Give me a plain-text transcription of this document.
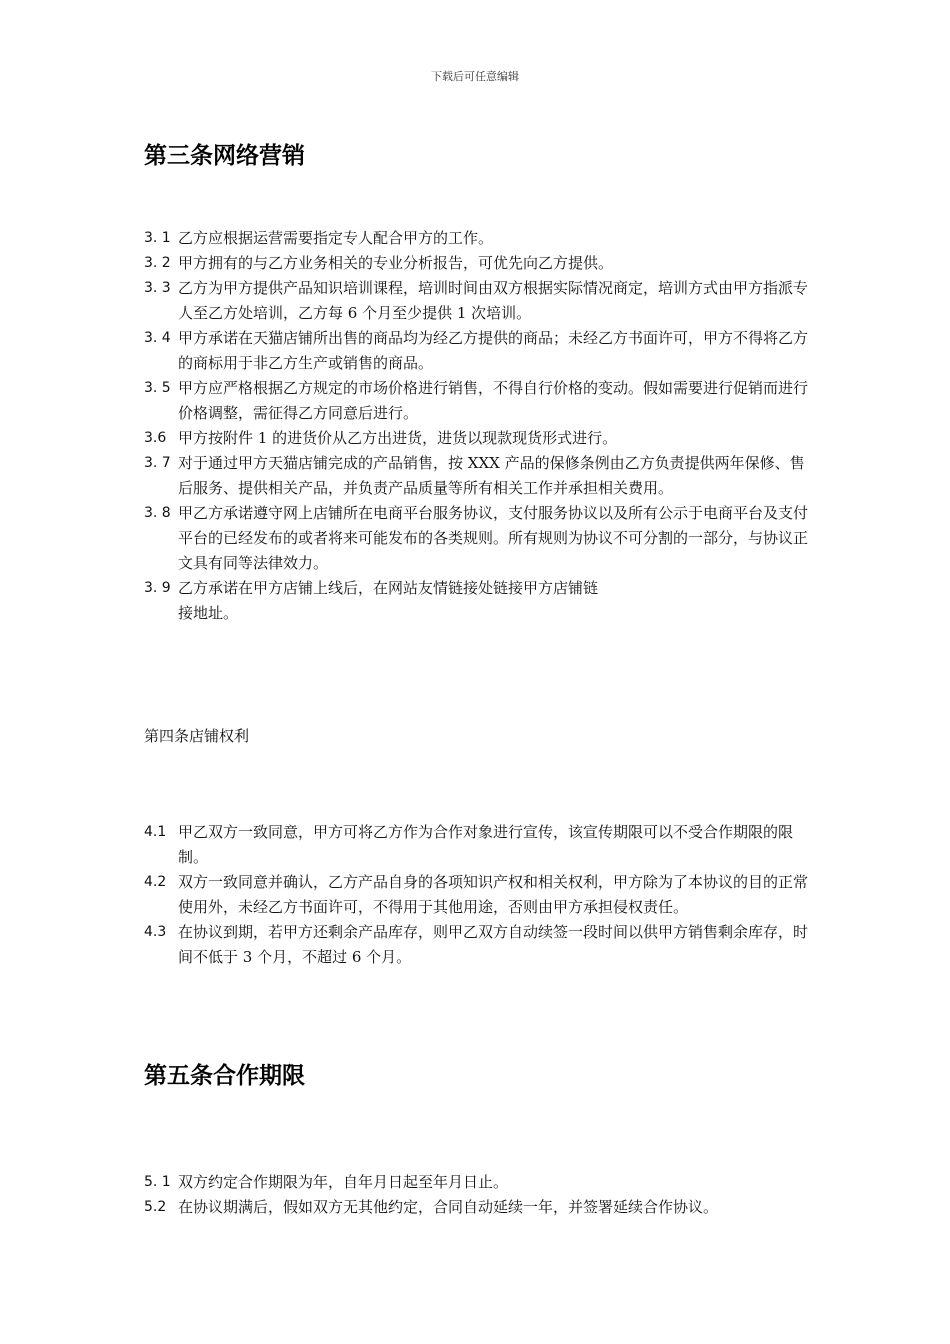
下载后可任意编辑
第三条网络营销

3. 1 乙方应根据运营需要指定专人配合甲方的工作。

3. 2 甲方拥有的与乙方业务相关的专业分析报告，可优先向乙方提供。

3. 3 乙方为甲方提供产品知识培训课程，培训时间由双方根据实际情况商定，培训方式由甲方指派专人至乙方处培训，乙方每 6 个月至少提供 1 次培训。

3. 4 甲方承诺在天猫店铺所出售的商品均为经乙方提供的商品；未经乙方书面许可，甲方不得将乙方的商标用于非乙方生产或销售的商品。

3. 5 甲方应严格根据乙方规定的市场价格进行销售，不得自行价格的变动。假如需要进行促销而进行价格调整，需征得乙方同意后进行。

3.6 甲方按附件 1 的进货价从乙方出进货，进货以现款现货形式进行。

3. 7 对于通过甲方天猫店铺完成的产品销售，按 XXX 产品的保修条例由乙方负责提供两年保修、售后服务、提供相关产品，并负责产品质量等所有相关工作并承担相关费用。

3. 8 甲乙方承诺遵守网上店铺所在电商平台服务协议，支付服务协议以及所有公示于电商平台及支付平台的已经发布的或者将来可能发布的各类规则。所有规则为协议不可分割的一部分，与协议正文具有同等法律效力。

3. 9 乙方承诺在甲方店铺上线后，在网站友情链接处链接甲方店铺链

接地址。

第四条店铺权利

4.1 甲乙双方一致同意，甲方可将乙方作为合作对象进行宣传，该宣传期限可以不受合作期限的限制。

4.2 双方一致同意并确认，乙方产品自身的各项知识产权和相关权利，甲方除为了本协议的目的正常使用外，未经乙方书面许可，不得用于其他用途，否则由甲方承担侵权责任。

4.3 在协议到期，若甲方还剩余产品库存，则甲乙双方自动续签一段时间以供甲方销售剩余库存，时间不低于 3 个月，不超过 6 个月。

第五条合作期限

5. 1 双方约定合作期限为年，自年月日起至年月日止。

5.2 在协议期满后，假如双方无其他约定，合同自动延续一年，并签署延续合作协议。
